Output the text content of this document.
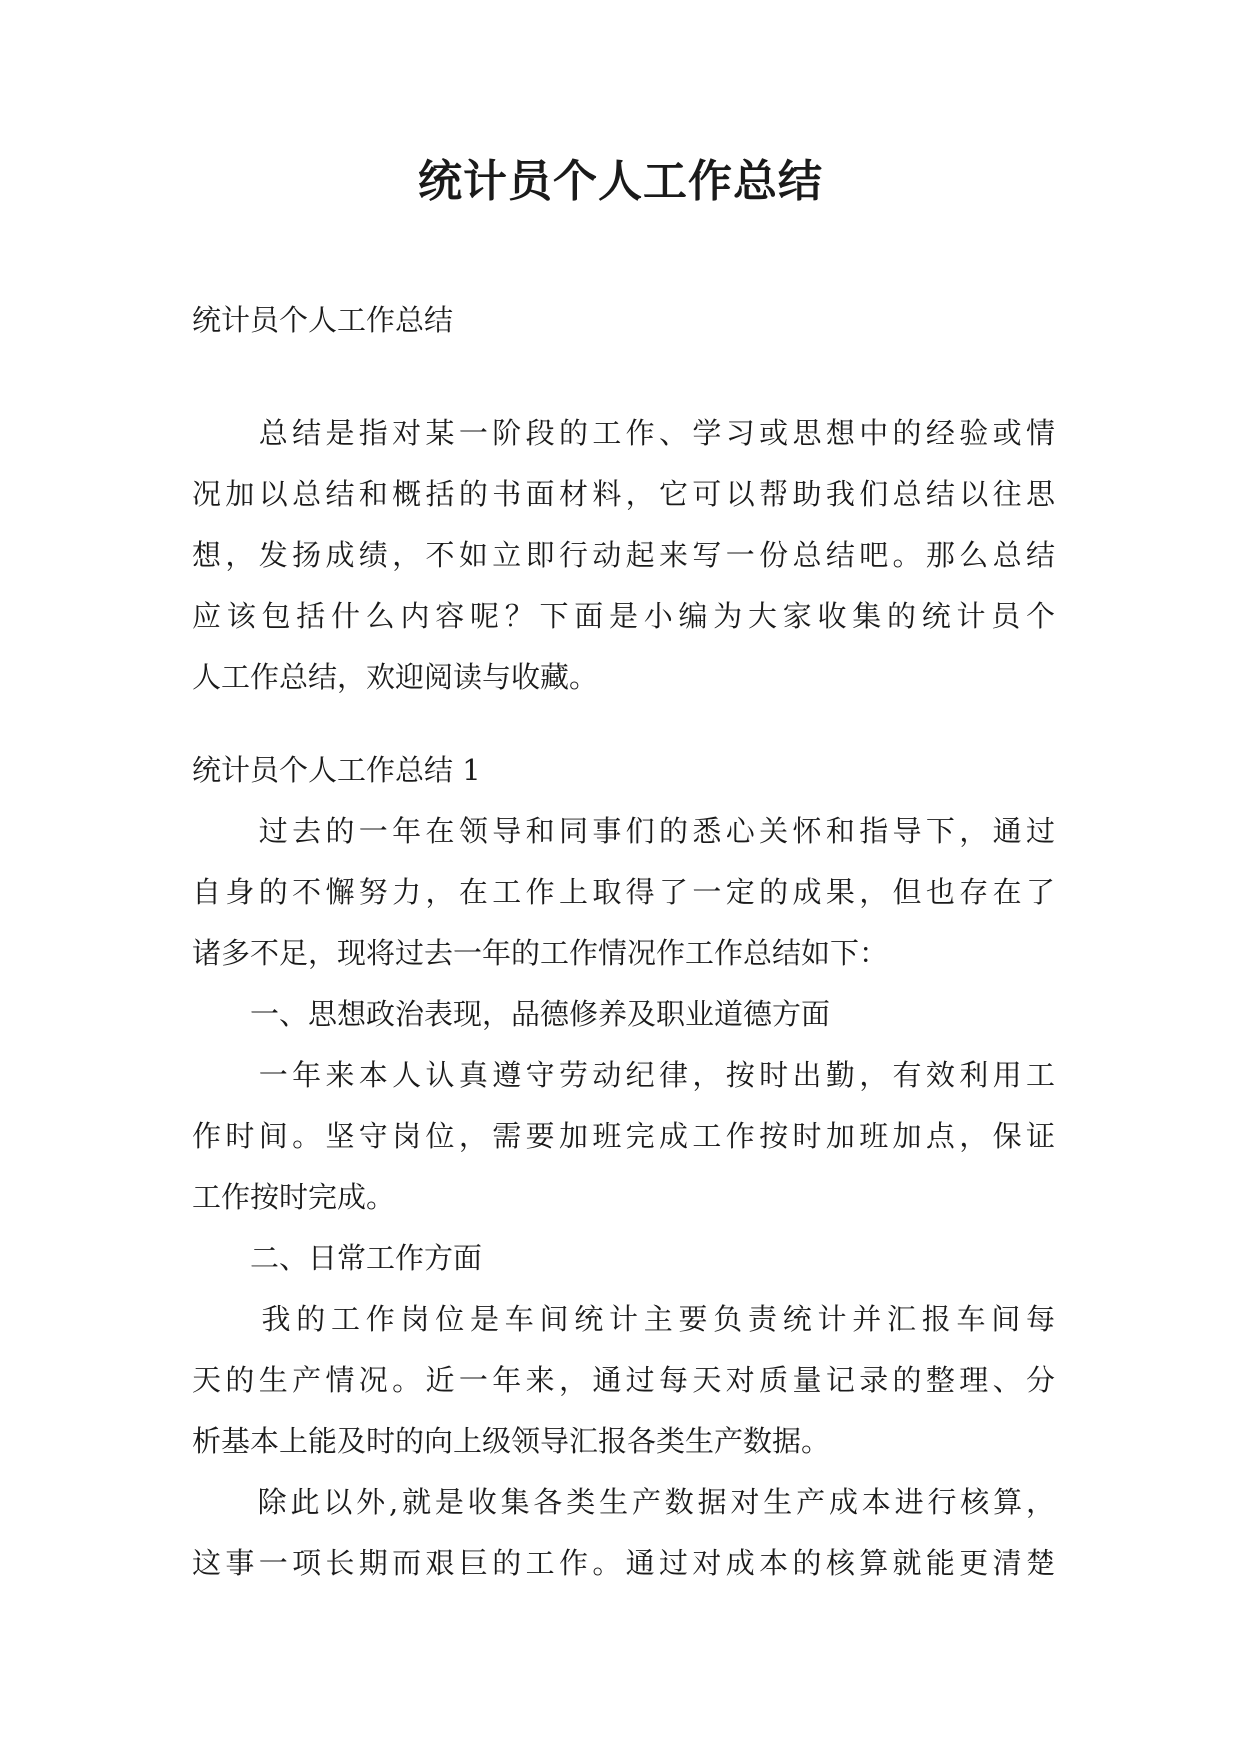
统计员个人工作总结

统计员个人工作总结

　　总结是指对某一阶段的工作、学习或思想中的经验或情

况加以总结和概括的书面材料，它可以帮助我们总结以往思

想，发扬成绩，不如立即行动起来写一份总结吧。那么总结

应该包括什么内容呢？下面是小编为大家收集的统计员个

人工作总结，欢迎阅读与收藏。

统计员个人工作总结 1

　　过去的一年在领导和同事们的悉心关怀和指导下，通过

自身的不懈努力，在工作上取得了一定的成果，但也存在了

诸多不足，现将过去一年的工作情况作工作总结如下：

　　一、思想政治表现，品德修养及职业道德方面

　　一年来本人认真遵守劳动纪律，按时出勤，有效利用工

作时间。坚守岗位，需要加班完成工作按时加班加点，保证

工作按时完成。

　　二、日常工作方面

　　我的工作岗位是车间统计主要负责统计并汇报车间每

天的生产情况。近一年来，通过每天对质量记录的整理、分

析基本上能及时的向上级领导汇报各类生产数据。

　　除此以外,就是收集各类生产数据对生产成本进行核算，

这事一项长期而艰巨的工作。通过对成本的核算就能更清楚
